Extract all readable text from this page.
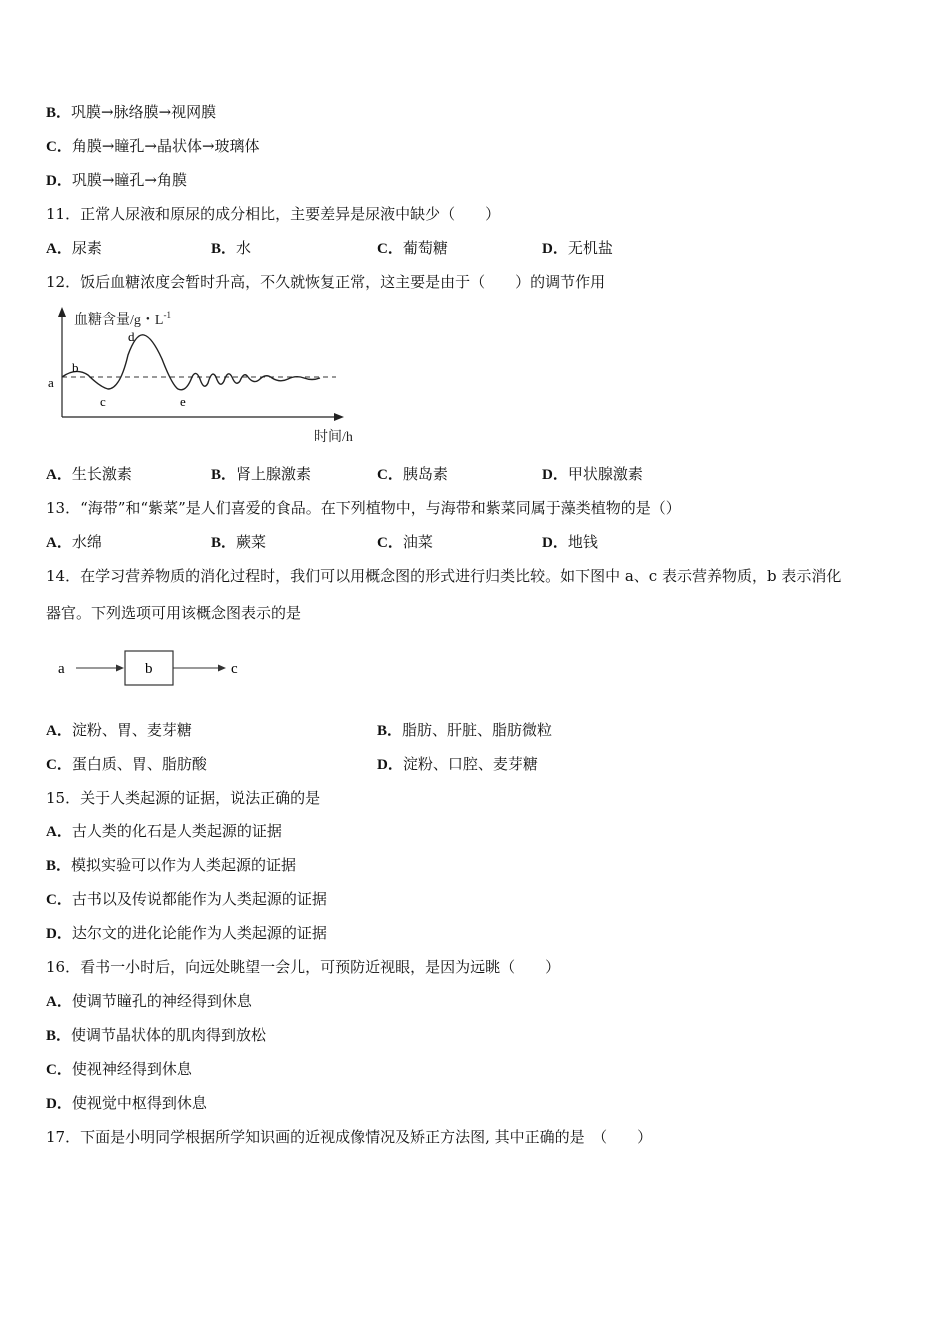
B．巩膜→脉络膜→视网膜
C．角膜→瞳孔→晶状体→玻璃体
D．巩膜→瞳孔→角膜
11．正常人尿液和原尿的成分相比，主要差异是尿液中缺少（　　）
A．尿素	B．水	C．葡萄糖	D．无机盐
12．饭后血糖浓度会暂时升高，不久就恢复正常，这主要是由于（　　）的调节作用
血糖含量/g・$L^{-1}$
时间/h
a
b
c
d
e
A．生长激素	B．肾上腺激素	C．胰岛素	D．甲状腺激素
13．“海带”和“紫菜”是人们喜爱的食品。在下列植物中，与海带和紫菜同属于藻类植物的是（）
A．水绵	B．蕨菜	C．油菜	D．地钱
14．在学习营养物质的消化过程时，我们可以用概念图的形式进行归类比较。如下图中 a、c 表示营养物质，b 表示消化
器官。下列选项可用该概念图表示的是
a	b	c
A．淀粉、胃、麦芽糖	B．脂肪、肝脏、脂肪微粒
C．蛋白质、胃、脂肪酸	D．淀粉、口腔、麦芽糖
15．关于人类起源的证据，说法正确的是
A．古人类的化石是人类起源的证据
B．模拟实验可以作为人类起源的证据
C．古书以及传说都能作为人类起源的证据
D．达尔文的进化论能作为人类起源的证据
16．看书一小时后，向远处眺望一会儿，可预防近视眼，是因为远眺（　　）
A．使调节瞳孔的神经得到休息
B．使调节晶状体的肌肉得到放松
C．使视神经得到休息
D．使视觉中枢得到休息
17．下面是小明同学根据所学知识画的近视成像情况及矫正方法图, 其中正确的是　（　　）
